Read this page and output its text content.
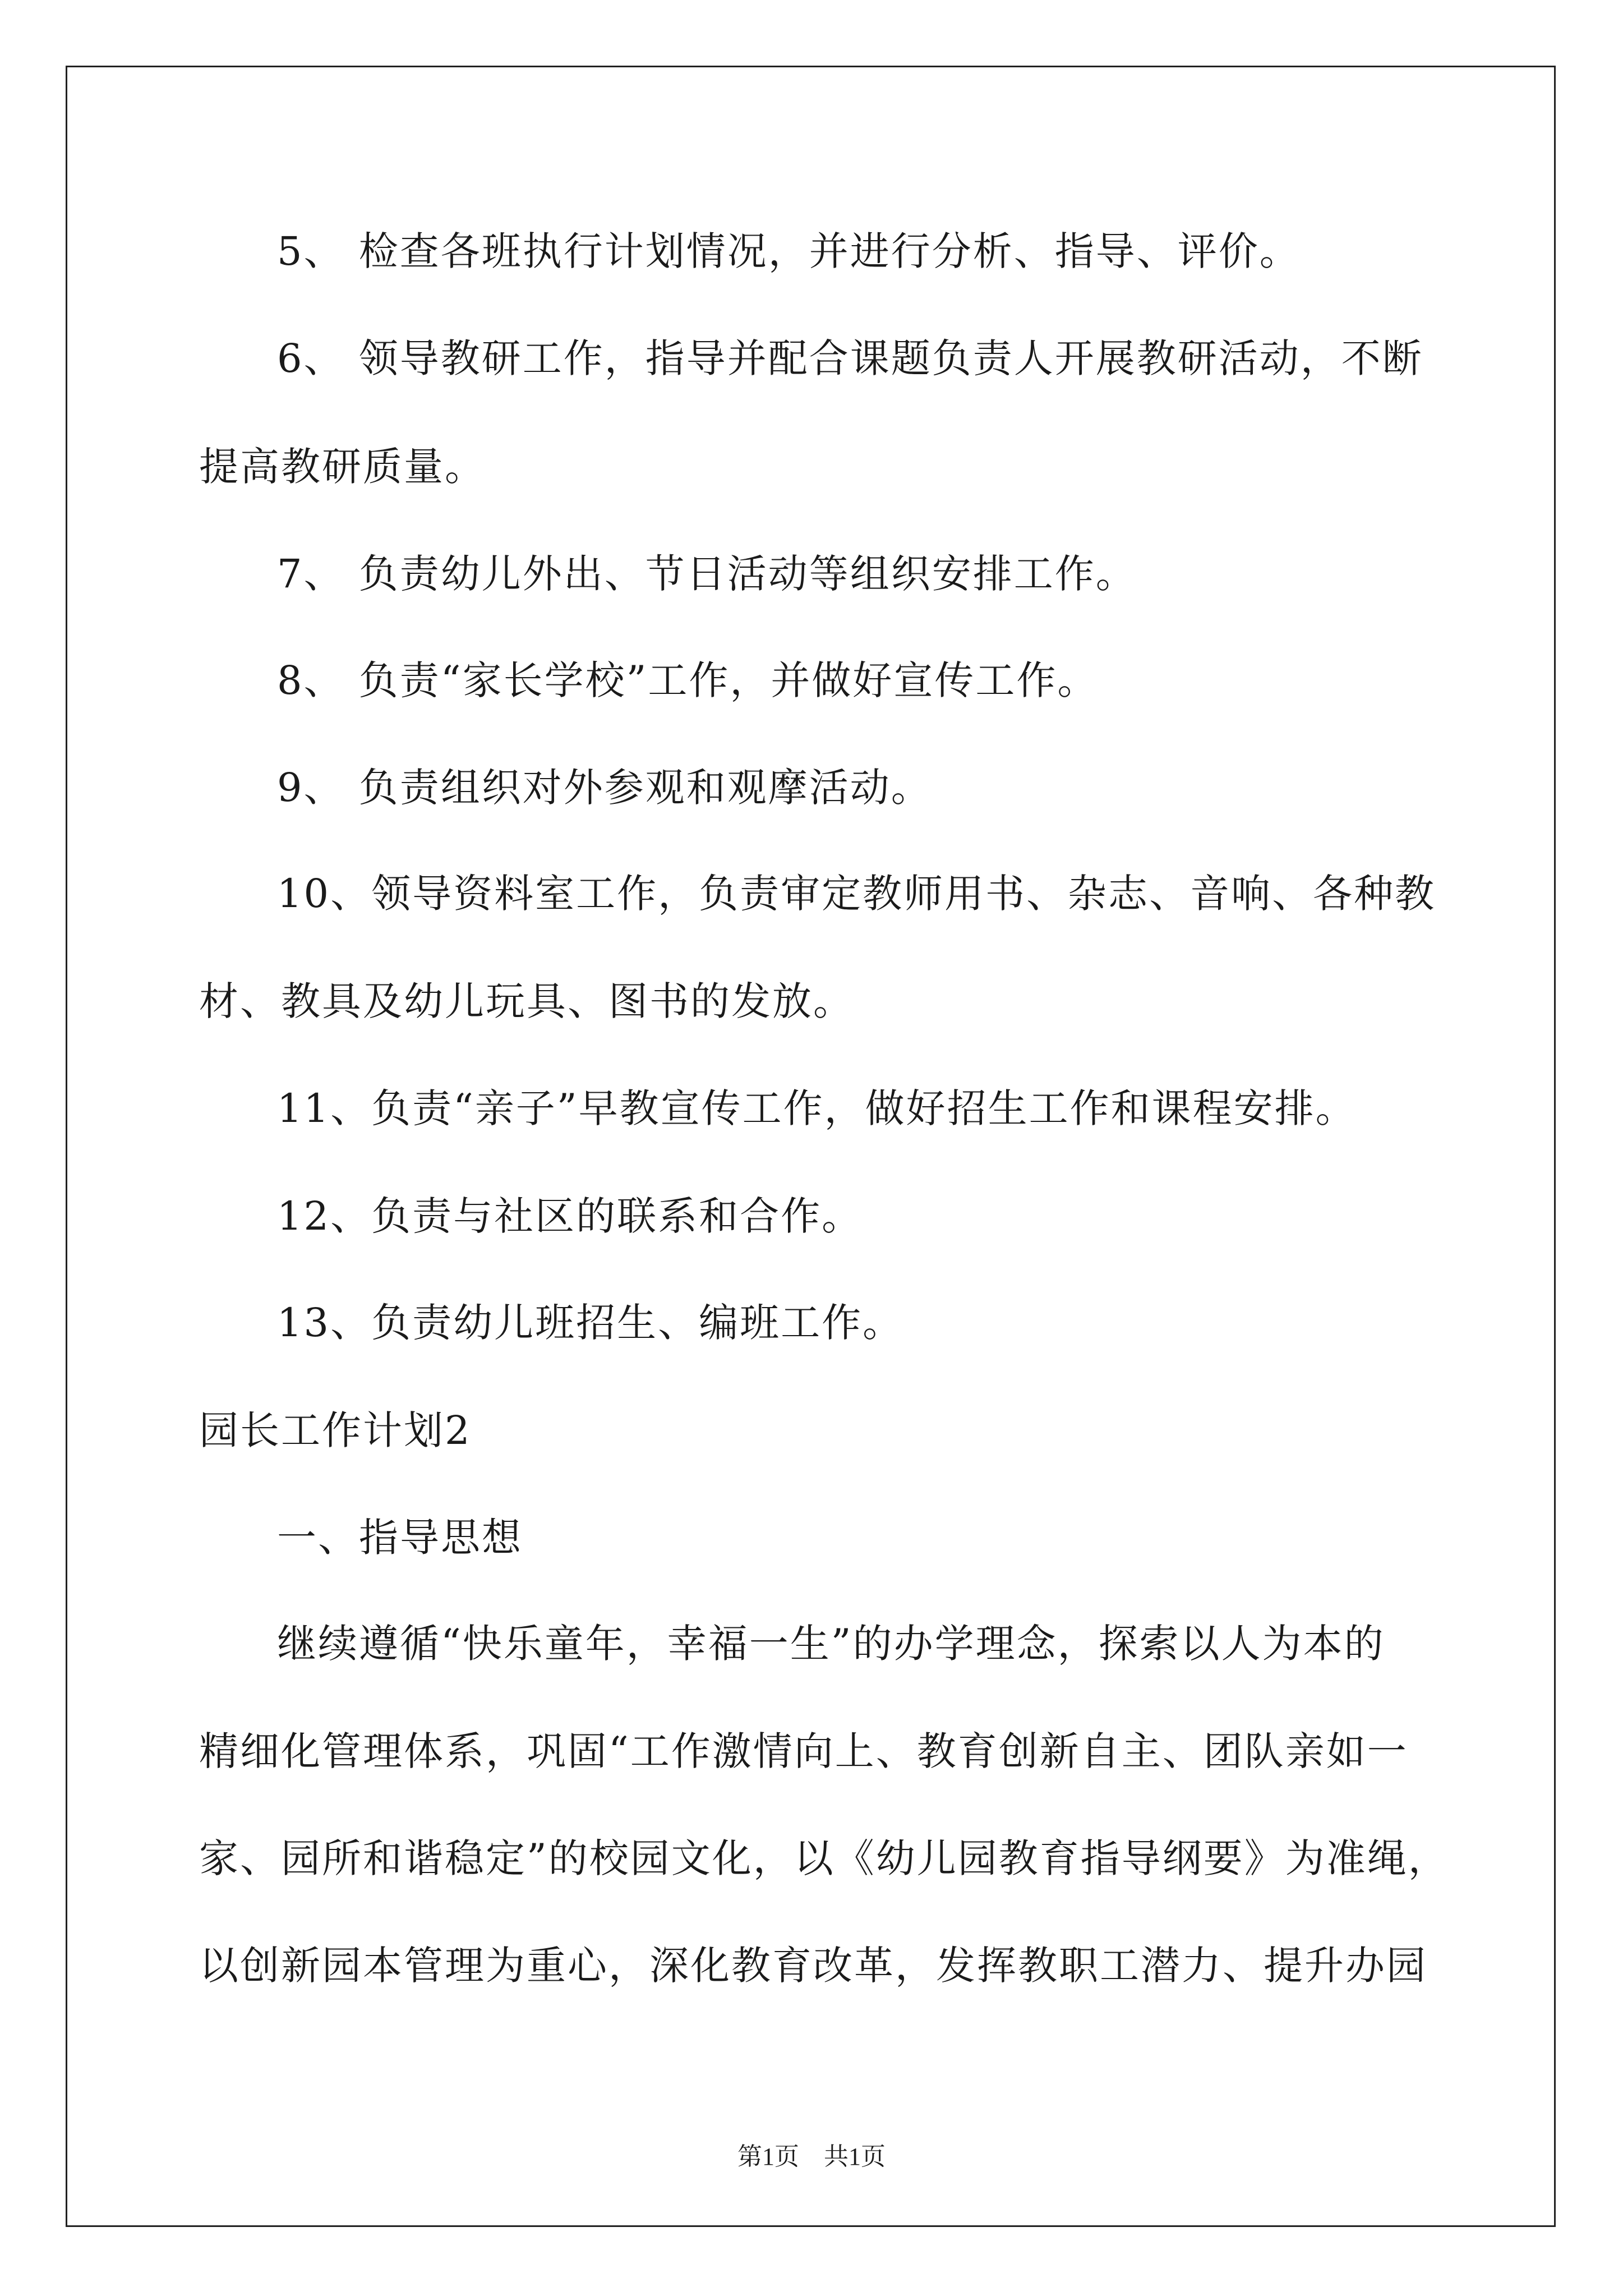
5、 检查各班执行计划情况，并进行分析、指导、评价。
6、 领导教研工作，指导并配合课题负责人开展教研活动，不断
提高教研质量。
7、 负责幼儿外出、节日活动等组织安排工作。
8、 负责“家长学校”工作，并做好宣传工作。
9、 负责组织对外参观和观摩活动。
10、领导资料室工作，负责审定教师用书、杂志、音响、各种教
材、教具及幼儿玩具、图书的发放。
11、负责“亲子”早教宣传工作，做好招生工作和课程安排。
12、负责与社区的联系和合作。
13、负责幼儿班招生、编班工作。
园长工作计划2
一、指导思想
继续遵循“快乐童年，幸福一生”的办学理念，探索以人为本的
精细化管理体系，巩固“工作激情向上、教育创新自主、团队亲如一
家、园所和谐稳定”的校园文化，以《幼儿园教育指导纲要》为准绳，
以创新园本管理为重心，深化教育改革，发挥教职工潜力、提升办园
第1页　共1页
